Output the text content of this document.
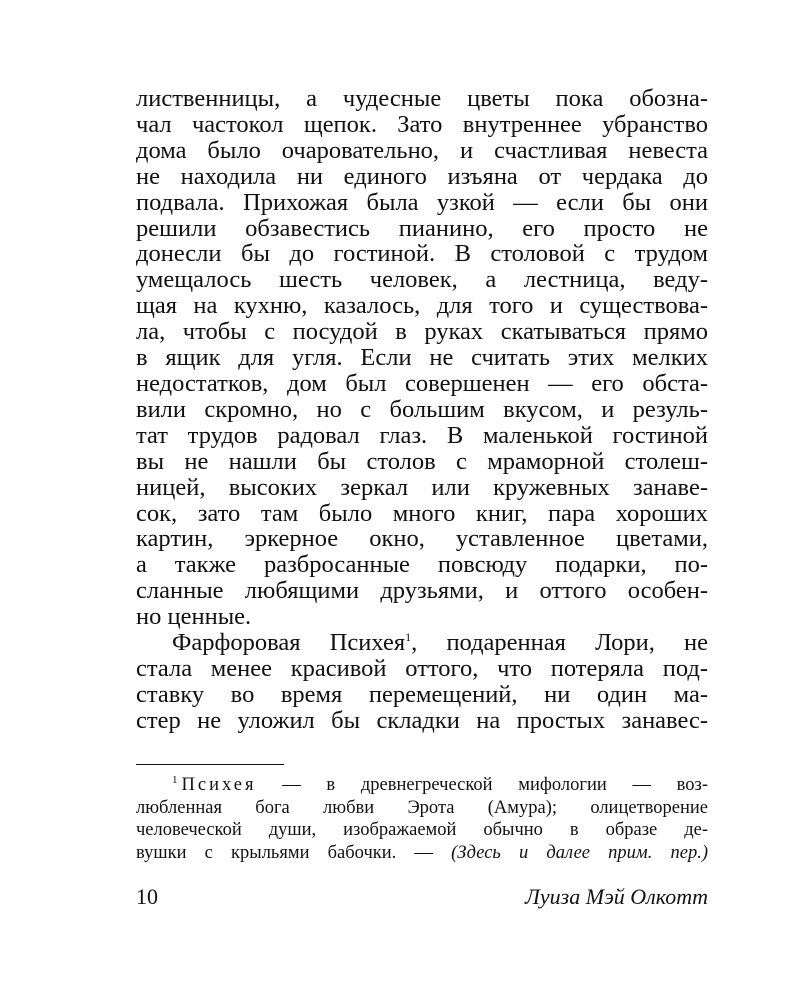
лиственницы, а чудесные цветы пока обозна-
чал частокол щепок. Зато внутреннее убранство
дома было очаровательно, и счастливая невеста
не находила ни единого изъяна от чердака до
подвала. Прихожая была узкой — если бы они
решили обзавестись пианино, его просто не
донесли бы до гостиной. В столовой с трудом
умещалось шесть человек, а лестница, веду-
щая на кухню, казалось, для того и существова-
ла, чтобы с посудой в руках скатываться прямо
в ящик для угля. Если не считать этих мелких
недостатков, дом был совершенен — его обста-
вили скромно, но с большим вкусом, и резуль-
тат трудов радовал глаз. В маленькой гостиной
вы не нашли бы столов с мраморной столеш-
ницей, высоких зеркал или кружевных занаве-
сок, зато там было много книг, пара хороших
картин, эркерное окно, уставленное цветами,
а также разбросанные повсюду подарки, по-
сланные любящими друзьями, и оттого особен-
но ценные.
Фарфоровая Психея$^1$, подаренная Лори, не
стала менее красивой оттого, что потеряла под-
ставку во время перемещений, ни один ма-
стер не уложил бы складки на простых занавес-
$^1$ Психея — в древнегреческой мифологии — воз-
любленная бога любви Эрота (Амура); олицетворение
человеческой души, изображаемой обычно в образе де-
вушки с крыльями бабочки. — (Здесь и далее прим. пер.)
10	Луиза Мэй Олкотт
